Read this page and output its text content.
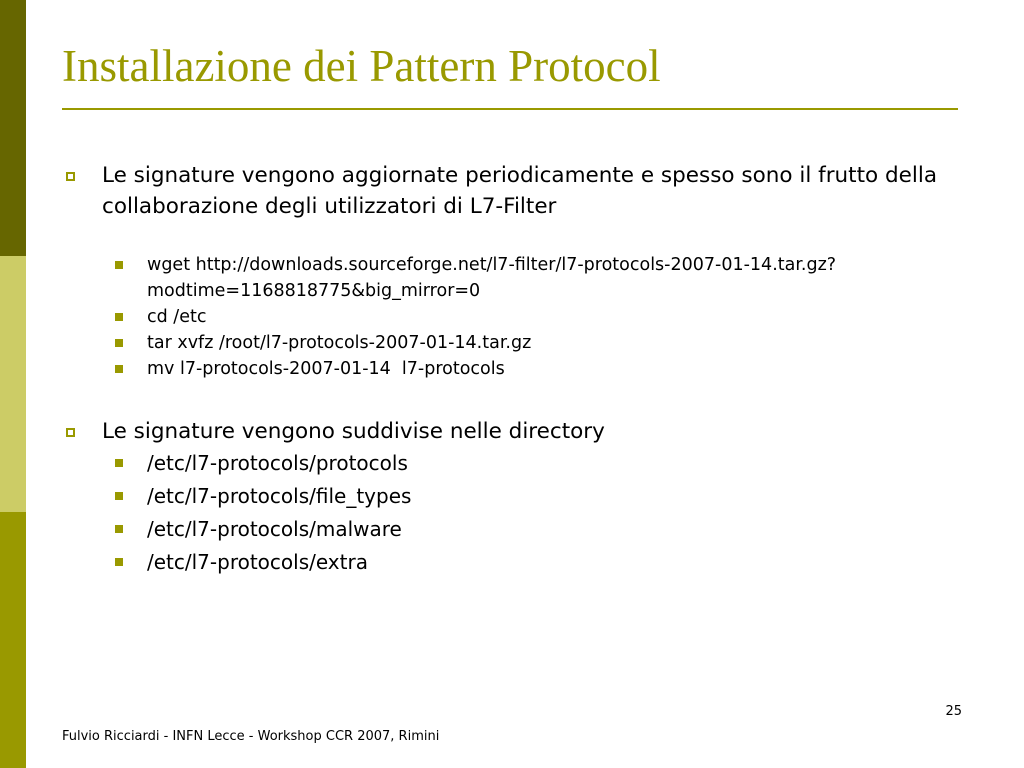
Installazione dei Pattern Protocol
Le signature vengono aggiornate periodicamente e spesso sono il frutto della collaborazione degli utilizzatori di L7-Filter
wget http://downloads.sourceforge.net/l7-filter/l7-protocols-2007-01-14.tar.gz?modtime=1168818775&big_mirror=0
cd /etc
tar xvfz /root/l7-protocols-2007-01-14.tar.gz
mv l7-protocols-2007-01-14  l7-protocols
Le signature vengono suddivise nelle directory
/etc/l7-protocols/protocols
/etc/l7-protocols/file_types
/etc/l7-protocols/malware
/etc/l7-protocols/extra
25
Fulvio Ricciardi - INFN Lecce - Workshop CCR 2007, Rimini
